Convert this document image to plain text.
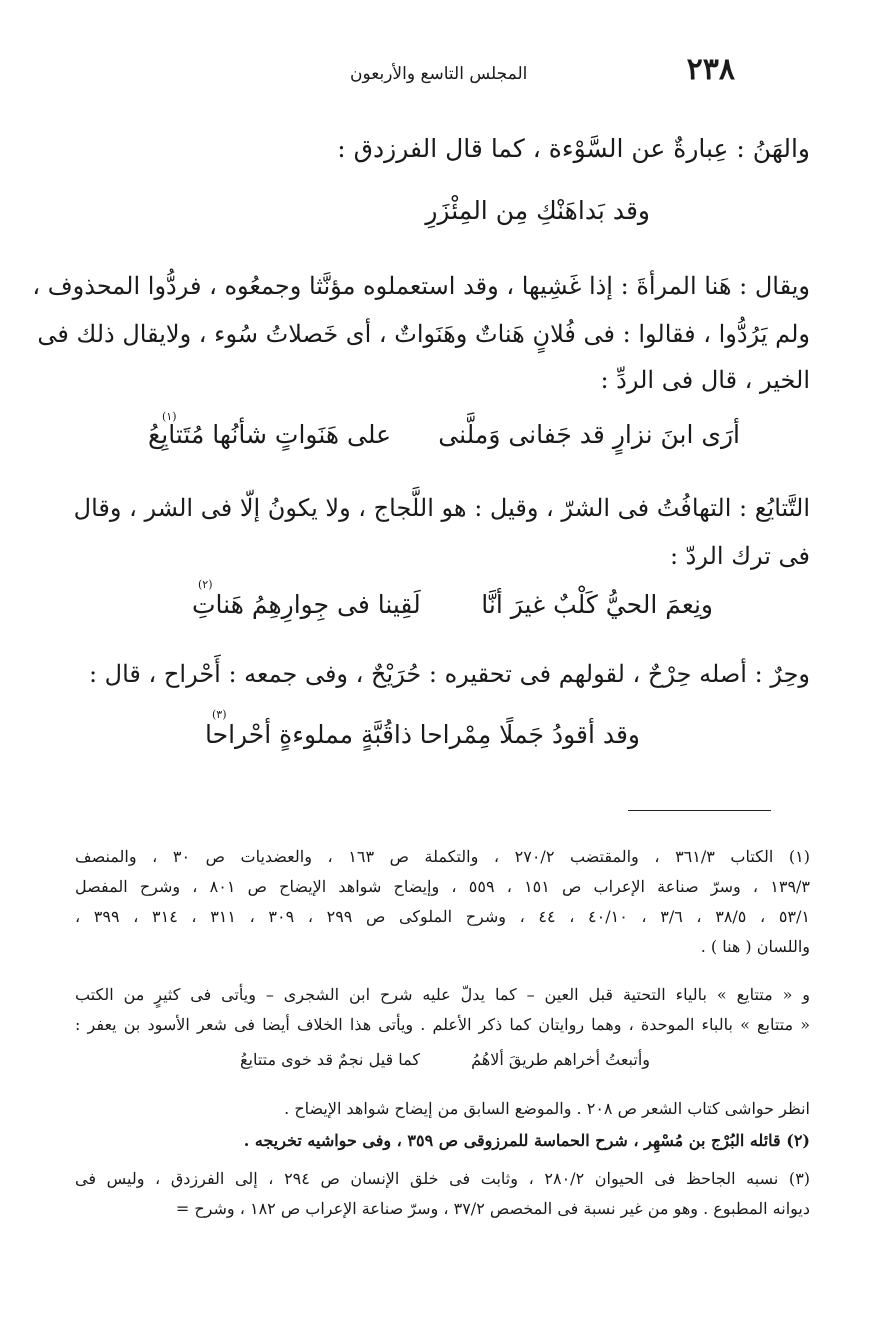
٢٣٨
المجلس التاسع والأربعون
والهَنُ : عِبارةٌ عن السَّوْءة ، كما قال الفرزدق :
وقد بَداهَنْكِ مِن المِئْزَرِ
ويقال : هَنا المرأةَ : إذا غَشِيها ، وقد استعملوه مؤنَّثا وجمعُوه ، فردُّوا المحذوف ،
ولم يَرُدُّوا ، فقالوا : فى فُلانٍ هَناتٌ وهَنَواتٌ ، أى خَصلاتُ سُوء ، ولايقال ذلك فى
الخير ، قال فى الردِّ :
أرَى ابنَ نزارٍ قد جَفانى وَملَّنى
على هَنَواتٍ شأنُها مُتَتايِعُ
(١)
التَّتايُع : التهافُتُ فى الشرّ ، وقيل : هو اللَّجاج ، ولا يكونُ إلّا فى الشر ، وقال
فى ترك الردّ :
ونِعمَ الحيُّ كَلْبٌ غيرَ أنَّا
لَقِينا فى جِوارِهِمُ هَناتِ
(٢)
وحِرٌ : أصله حِرْحٌ ، لقولهم فى تحقيره : حُرَيْحٌ ، وفى جمعه : أَحْراح ، قال :
وقد أقودُ جَملًا مِمْراحا
ذاقُبَّةٍ مملوءةٍ أحْراحا
(٣)
(١) الكتاب ٣٦١/٣ ، والمقتضب ٢٧٠/٢ ، والتكملة ص ١٦٣ ، والعضديات ص ٣٠ ، والمنصف
١٣٩/٣ ، وسرّ صناعة الإعراب ص ١٥١ ، ٥٥٩ ، وإيضاح شواهد الإيضاح ص ٨٠١ ، وشرح المفصل
٥٣/١ ، ٣٨/٥ ، ٣/٦ ، ٤٠/١٠ ، ٤٤ ، وشرح الملوكى ص ٢٩٩ ، ٣٠٩ ، ٣١١ ، ٣١٤ ، ٣٩٩ ،
واللسان ( هنا ) .
و « متتايع » بالياء التحتية قبل العين – كما يدلّ عليه شرح ابن الشجرى – ويأتى فى كثيرٍ من الكتب
« متتابع » بالباء الموحدة ، وهما روايتان كما ذكر الأعلم . ويأتى هذا الخلاف أيضا فى شعر الأسود بن يعفر :
وأتبعتُ أخراهم طريقَ ألاهُمُ
كما قيل نجمٌ قد خوى متتايعُ
انظر حواشى كتاب الشعر ص ٢٠٨ . والموضع السابق من إيضاح شواهد الإيضاح .
(٢) قائله البُرْج بن مُسْهِر ، شرح الحماسة للمرزوقى ص ٣٥٩ ، وفى حواشيه تخريجه .
(٣) نسبه الجاحظ فى الحيوان ٢٨٠/٢ ، وثابت فى خلق الإنسان ص ٢٩٤ ، إلى الفرزدق ، وليس فى
ديوانه المطبوع . وهو من غير نسبة فى المخصص ٣٧/٢ ، وسرّ صناعة الإعراب ص ١٨٢ ، وشرح =
